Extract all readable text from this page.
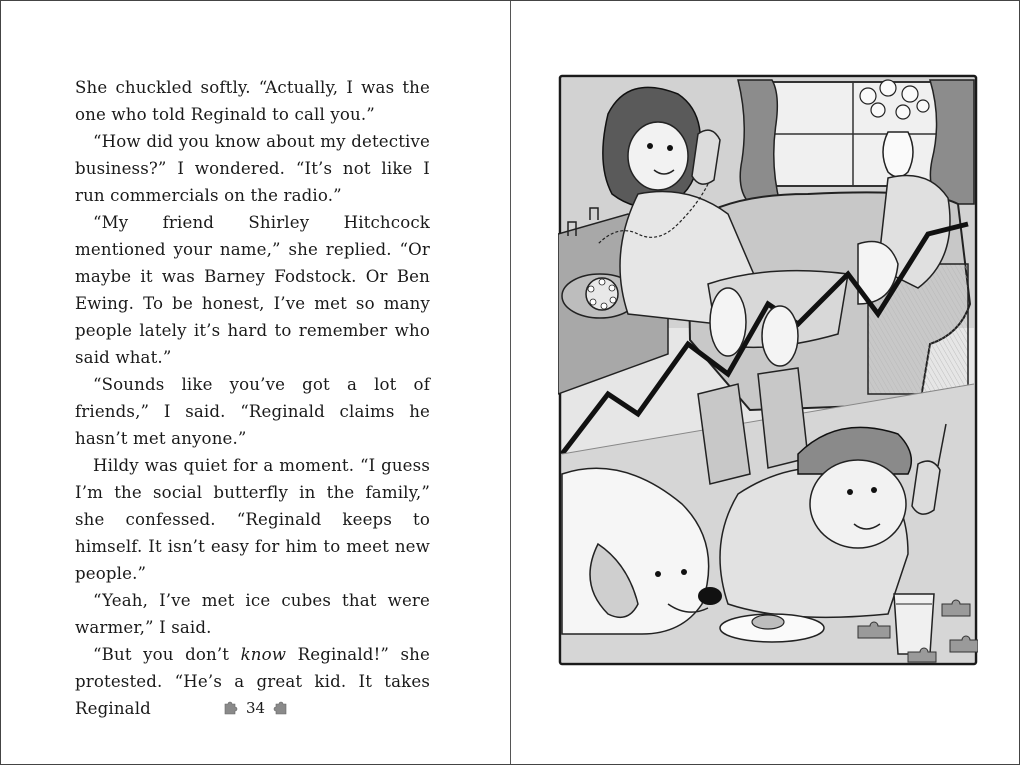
She chuckled softly. “Actually, I was the one who told Reginald to call you.”

“How did you know about my detective business?” I wondered. “It’s not like I run commercials on the radio.”

“My friend Shirley Hitchcock mentioned your name,” she replied. “Or maybe it was Barney Fodstock. Or Ben Ewing. To be honest, I’ve met so many people lately it’s hard to remember who said what.”

“Sounds like you’ve got a lot of friends,” I said. “Reginald claims he hasn’t met anyone.”

Hildy was quiet for a moment. “I guess I’m the social butterfly in the family,” she confessed. “Reginald keeps to himself. It isn’t easy for him to meet new people.”

“Yeah, I’ve met ice cubes that were warmer,” I said.

“But you don’t know Reginald!” she protested. “He’s a great kid. It takes Reginald	34
